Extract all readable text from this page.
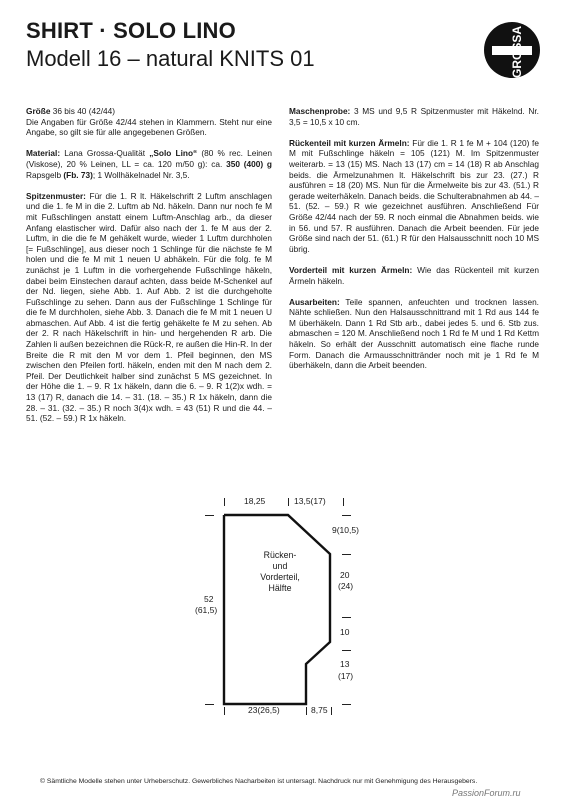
SHIRT · SOLO LINO
Modell 16 – natural KNITS 01
LANA
GROSSA

Größe 36 bis 40 (42/44)
Die Angaben für Größe 42/44 stehen in Klammern. Steht nur eine Angabe, so gilt sie für alle angegebenen Größen.

Material: Lana Grossa-Qualität „Solo Lino“ (80 % rec. Leinen (Viskose), 20 % Leinen, LL = ca. 120 m/50 g): ca. 350 (400) g Rapsgelb (Fb. 73); 1 Wollhäkelnadel Nr. 3,5.

Spitzenmuster: Für die 1. R lt. Häkelschrift 2 Luftm anschlagen und die 1. fe M in die 2. Luftm ab Nd. häkeln. Dann nur noch fe M mit Fußschlingen anstatt einem Luftm-Anschlag arb., da dieser Anfang elastischer wird. Dafür also nach der 1. fe M aus der 2. Luftm, in die die fe M gehäkelt wurde, wieder 1 Luftm durchholen [= Fußschlinge], aus dieser noch 1 Schlinge für die nächste fe M holen und die fe M mit 1 neuen U abhäkeln. Für die folg. fe M zunächst je 1 Luftm in die vorhergehende Fußschlinge häkeln, dabei beim Einstechen darauf achten, dass beide M-Schenkel auf der Nd. liegen, siehe Abb. 1. Auf Abb. 2 ist die durchgeholte Fußschlinge zu sehen. Dann aus der Fußschlinge 1 Schlinge für die fe M durchholen, siehe Abb. 3. Danach die fe M mit 1 neuen U abmaschen. Auf Abb. 4 ist die fertig gehäkelte fe M zu sehen. Ab der 2. R nach Häkelschrift in hin- und hergehenden R arb. Die Zahlen li außen bezeichnen die Rück-R, re außen die Hin-R. In der Breite die R mit den M vor dem 1. Pfeil beginnen, den MS zwischen den Pfeilen fortl. häkeln, enden mit den M nach dem 2. Pfeil. Der Deutlichkeit halber sind zunächst 5 MS gezeichnet. In der Höhe die 1. – 9. R 1x häkeln, dann die 6. – 9. R 1(2)x wdh. = 13 (17) R, danach die 14. – 31. (18. – 35.) R 1x häkeln, dann die 28. – 31. (32. – 35.) R noch 3(4)x wdh. = 43 (51) R und die 44. – 51. (52. – 59.) R 1x häkeln.

Maschenprobe: 3 MS und 9,5 R Spitzenmuster mit Häkelnd. Nr. 3,5 = 10,5 x 10 cm.

Rückenteil mit kurzen Ärmeln: Für die 1. R 1 fe M + 104 (120) fe M mit Fußschlinge häkeln = 105 (121) M. Im Spitzenmuster weiterarb. = 13 (15) MS. Nach 13 (17) cm = 14 (18) R ab Anschlag beids. die Ärmelzunahmen lt. Häkelschrift bis zur 23. (27.) R ausführen = 18 (20) MS. Nun für die Ärmelweite bis zur 43. (51.) R gerade weiterhäkeln. Danach beids. die Schulterabnahmen ab 44. – 51. (52. – 59.) R wie gezeichnet ausführen. Anschließend Für Größe 42/44 nach der 59. R noch einmal die Abnahmen beids. wie in 56. und 57. R ausführen. Danach die Arbeit beenden. Für jede Größe sind nach der 51. (61.) R für den Halsausschnitt noch 10 MS übrig.

Vorderteil mit kurzen Ärmeln: Wie das Rückenteil mit kurzen Ärmeln häkeln.

Ausarbeiten: Teile spannen, anfeuchten und trocknen lassen. Nähte schließen. Nun den Halsausschnittrand mit 1 Rd aus 144 fe M überhäkeln. Dann 1 Rd Stb arb., dabei jedes 5. und 6. Stb zus. abmaschen = 120 M. Anschließend noch 1 Rd fe M und 1 Rd Kettm häkeln. So erhält der Ausschnitt automatisch eine flache runde Form. Danach die Armausschnittränder noch mit je 1 Rd fe M überhäkeln, dann die Arbeit beenden.

18,25	13,5(17)
9(10,5)
20
(24)
10
13
(17)
52
(61,5)
23(26,5)	8,75
Rücken-
und
Vorderteil,
Hälfte
© Sämtliche Modelle stehen unter Urheberschutz. Gewerbliches Nacharbeiten ist untersagt. Nachdruck nur mit Genehmigung des Herausgebers.
PassionForum.ru
